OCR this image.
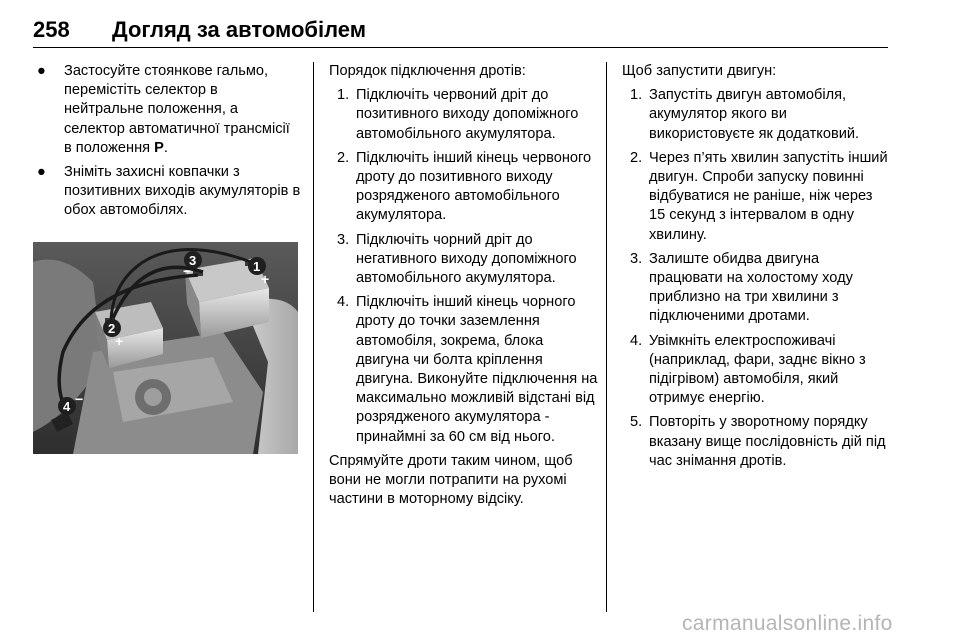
258 Догляд за автомобілем
● Застосуйте стоянкове гальмо, перемістіть селектор в нейтральне положення, а селектор автоматичної трансмісії в положення P.
● Зніміть захисні ковпачки з позитивних виходів акумуляторів в обох автомобілях.
1
+
2
+
3
−
4 −

Порядок підключення дротів:

1. Підключіть червоний дріт до позитивного виходу допоміжного автомобільного акумулятора.
2. Підключіть інший кінець червоного дроту до позитивного виходу розрядженого автомобільного акумулятора.
3. Підключіть чорний дріт до негативного виходу допоміжного автомобільного акумулятора.
4. Підключіть інший кінець чорного дроту до точки заземлення автомобіля, зокрема, блока двигуна чи болта кріплення двигуна. Виконуйте підключення на максимально можливій відстані від розрядженого акумулятора - принаймні за 60 см від нього.

Спрямуйте дроти таким чином, щоб вони не могли потрапити на рухомі частини в моторному відсіку.

Щоб запустити двигун:

1. Запустіть двигун автомобіля, акумулятор якого ви використовуєте як додатковий.
2. Через п’ять хвилин запустіть інший двигун. Спроби запуску повинні відбуватися не раніше, ніж через 15 секунд з інтервалом в одну хвилину.
3. Залиште обидва двигуна працювати на холостому ходу приблизно на три хвилини з підключеними дротами.
4. Увімкніть електроспоживачі (наприклад, фари, заднє вікно з підігрівом) автомобіля, який отримує енергію.
5. Повторіть у зворотному порядку вказану вище послідовність дій під час знімання дротів.
carmanualsonline.info
